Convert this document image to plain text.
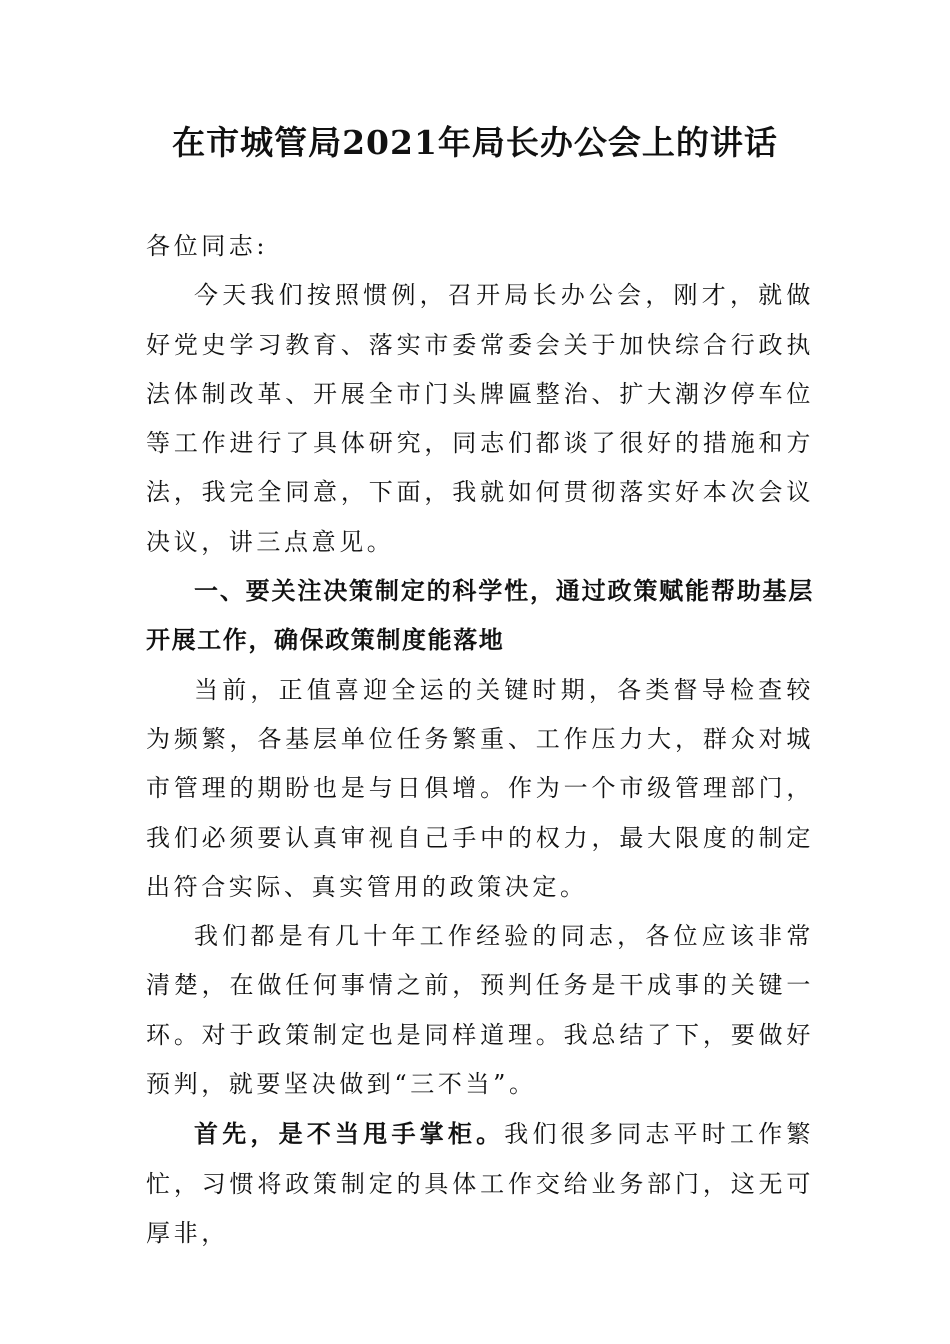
在市城管局2021年局长办公会上的讲话

各位同志:

今天我们按照惯例，召开局长办公会，刚才，就做好党史学习教育、落实市委常委会关于加快综合行政执法体制改革、开展全市门头牌匾整治、扩大潮汐停车位等工作进行了具体研究，同志们都谈了很好的措施和方法，我完全同意，下面，我就如何贯彻落实好本次会议决议，讲三点意见。

一、要关注决策制定的科学性，通过政策赋能帮助基层开展工作，确保政策制度能落地

当前，正值喜迎全运的关键时期，各类督导检查较为频繁，各基层单位任务繁重、工作压力大，群众对城市管理的期盼也是与日俱增。作为一个市级管理部门，我们必须要认真审视自己手中的权力，最大限度的制定出符合实际、真实管用的政策决定。

我们都是有几十年工作经验的同志，各位应该非常清楚，在做任何事情之前，预判任务是干成事的关键一环。对于政策制定也是同样道理。我总结了下，要做好预判，就要坚决做到“三不当”。

首先，是不当甩手掌柜。我们很多同志平时工作繁忙，习惯将政策制定的具体工作交给业务部门，这无可厚非，
